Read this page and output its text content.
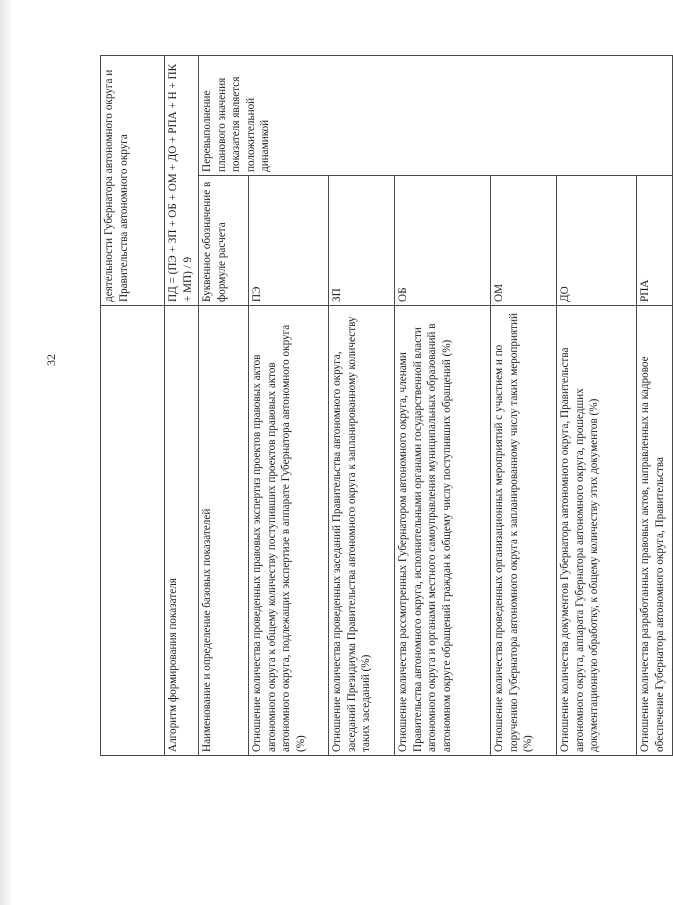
32
	деятельности Губернатора автономного округа и Правительства автономного округа	
Алгоритм формирования показателя	ПД = (ПЭ + ЗП + ОБ + ОМ + ДО + РПА + Н + ПК + МП) / 9	
Наименование и определение базовых показателей	Буквенное обозначение в формуле расчета	Перевыполнение планового значения показателя является положительной динамикой
Отношение количества проведенных правовых экспертиз проектов правовых актов автономного округа к общему количеству поступивших проектов правовых актов автономного округа, подлежащих экспертизе в аппарате Губернатора автономного округа (%)	ПЭ	
Отношение количества проведенных заседаний Правительства автономного округа, заседаний Президиума Правительства автономного округа к запланированному количеству таких заседаний (%)	ЗП	
Отношение количества рассмотренных Губернатором автономного округа, членами Правительства автономного округа, исполнительными органами государственной власти автономного округа и органами местного самоуправления муниципальных образований в автономном округе обращений граждан к общему числу поступивших обращений (%)	ОБ	
Отношение количества проведенных организационных мероприятий с участием и по поручению Губернатора автономного округа к запланированному числу таких мероприятий (%)	ОМ	
Отношение количества документов Губернатора автономного округа, Правительства автономного округа, аппарата Губернатора автономного округа, прошедших документационную обработку, к общему количеству этих документов (%)	ДО	
Отношение количества разработанных правовых актов, направленных на кадровое обеспечение Губернатора автономного округа, Правительства	РПА	
